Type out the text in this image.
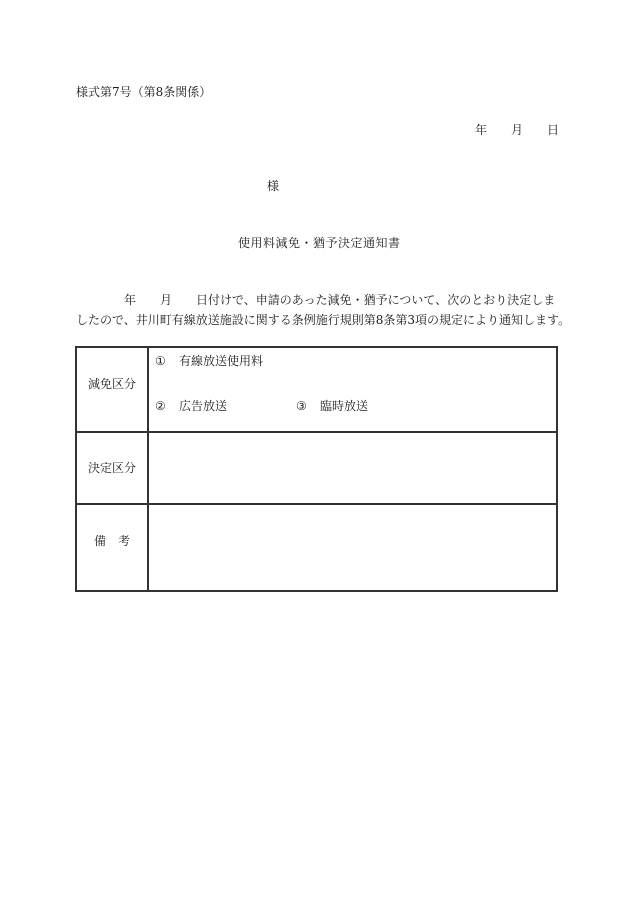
様式第7号（第8条関係）
年 月 日
様
使用料減免・猶予決定通知書
年 月 日付けで、申請のあった減免・猶予について、次のとおり決定しま
したので、井川町有線放送施設に関する条例施行規則第8条第3項の規定により通知します。
減免区分
① 有線放送使用料
② 広告放送	③ 臨時放送
決定区分
備　考
